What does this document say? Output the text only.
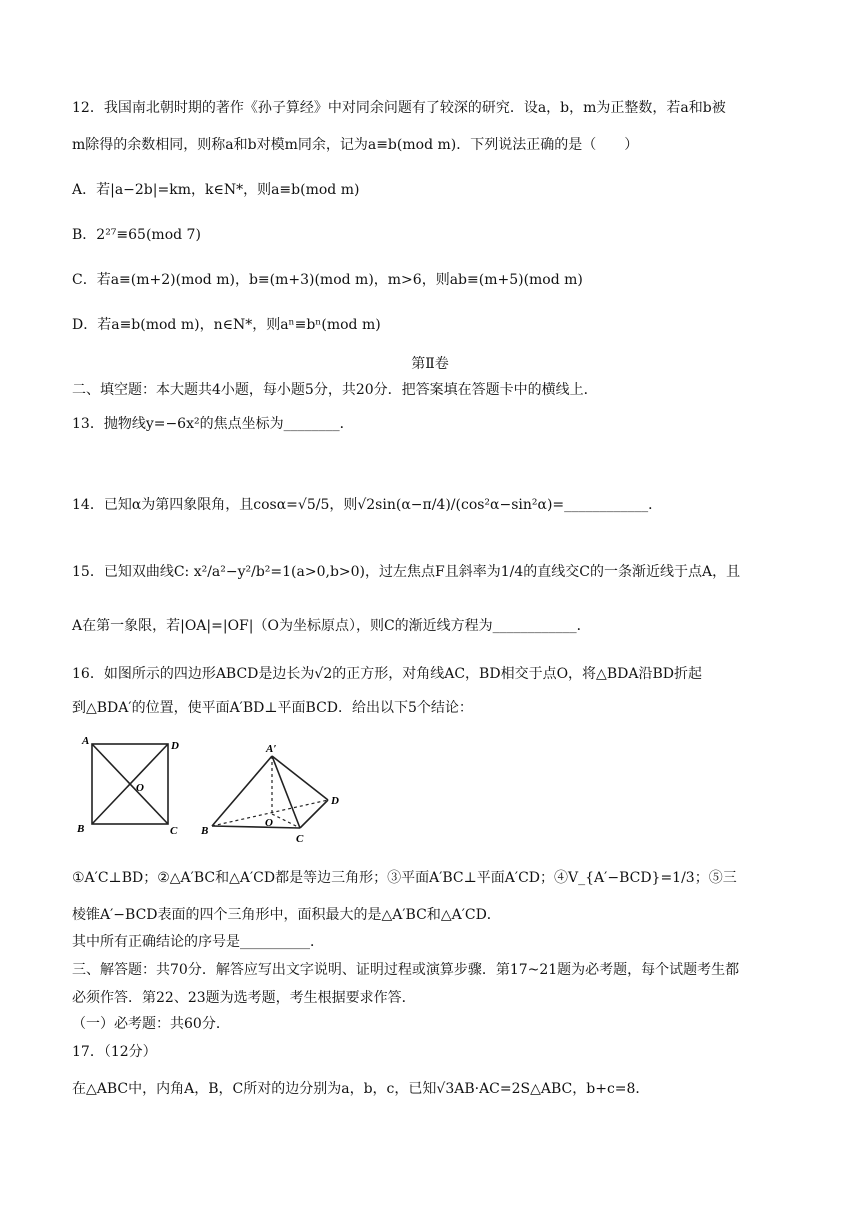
12．我国南北朝时期的著作《孙子算经》中对同余问题有了较深的研究．设a，b，m为正整数，若a和b被
m除得的余数相同，则称a和b对模m同余，记为a≡b(mod m)．下列说法正确的是（　　）
A．若|a−2b|=km，k∈N*，则a≡b(mod m)
B．2²⁷≡65(mod 7)
C．若a≡(m+2)(mod m)，b≡(m+3)(mod m)，m>6，则ab≡(m+5)(mod m)
D．若a≡b(mod m)，n∈N*，则aⁿ≡bⁿ(mod m)
第Ⅱ卷
二、填空题：本大题共4小题，每小题5分，共20分．把答案填在答题卡中的横线上．
13．抛物线y=−6x²的焦点坐标为________．
14．已知α为第四象限角，且cosα=√5/5，则√2sin(α−π/4)/(cos²α−sin²α)=____________．
15．已知双曲线C: x²/a²−y²/b²=1(a>0,b>0)，过左焦点F且斜率为1/4的直线交C的一条渐近线于点A，且
A在第一象限，若|OA|=|OF|（O为坐标原点），则C的渐近线方程为____________．
16．如图所示的四边形ABCD是边长为√2的正方形，对角线AC，BD相交于点O，将△BDA沿BD折起
到△BDA′的位置，使平面A′BD⊥平面BCD．给出以下5个结论：
A	D
O
B	C
A′
D
O
B
C
①A′C⊥BD；②△A′BC和△A′CD都是等边三角形；③平面A′BC⊥平面A′CD；④V_{A′−BCD}=1/3；⑤三
棱锥A′−BCD表面的四个三角形中，面积最大的是△A′BC和△A′CD．
其中所有正确结论的序号是__________．
三、解答题：共70分．解答应写出文字说明、证明过程或演算步骤．第17~21题为必考题，每个试题考生都
必须作答．第22、23题为选考题，考生根据要求作答．
（一）必考题：共60分．
17．（12分）
在△ABC中，内角A，B，C所对的边分别为a，b，c，已知√3AB·AC=2S△ABC，b+c=8．
